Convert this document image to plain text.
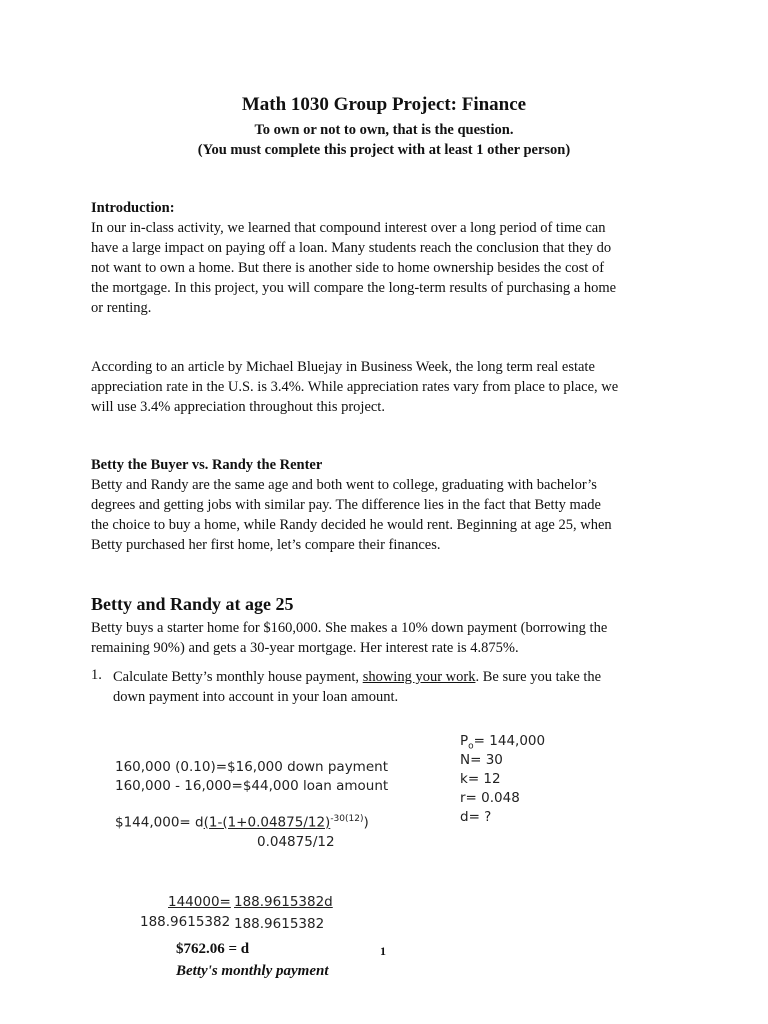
Math 1030 Group Project: Finance
To own or not to own, that is the question.
(You must complete this project with at least 1 other person)
Introduction:
In our in-class activity, we learned that compound interest over a long period of time can
have a large impact on paying off a loan. Many students reach the conclusion that they do
not want to own a home. But there is another side to home ownership besides the cost of
the mortgage. In this project, you will compare the long-term results of purchasing a home
or renting.
According to an article by Michael Bluejay in Business Week, the long term real estate
appreciation rate in the U.S. is 3.4%. While appreciation rates vary from place to place, we
will use 3.4% appreciation throughout this project.
Betty the Buyer vs. Randy the Renter
Betty and Randy are the same age and both went to college, graduating with bachelor’s
degrees and getting jobs with similar pay. The difference lies in the fact that Betty made
the choice to buy a home, while Randy decided he would rent. Beginning at age 25, when
Betty purchased her first home, let’s compare their finances.
Betty and Randy at age 25
Betty buys a starter home for $160,000. She makes a 10% down payment (borrowing the
remaining 90%) and gets a 30-year mortgage. Her interest rate is 4.875%.
1. Calculate Betty’s monthly house payment, showing your work. Be sure you take the
down payment into account in your loan amount.
$P_o= 144,000$
N= 30
k= 12
r= 0.048
d= ?
160,000 (0.10)=$16,000 down payment
160,000 - 16,000=$44,000 loan amount
$144,000= $d(1-(1+0.04875/12)^{-30(12)})$
0.04875/12
144000= 188.9615382d
188.9615382 188.9615382
$762.06 = d
Betty's monthly payment
1
